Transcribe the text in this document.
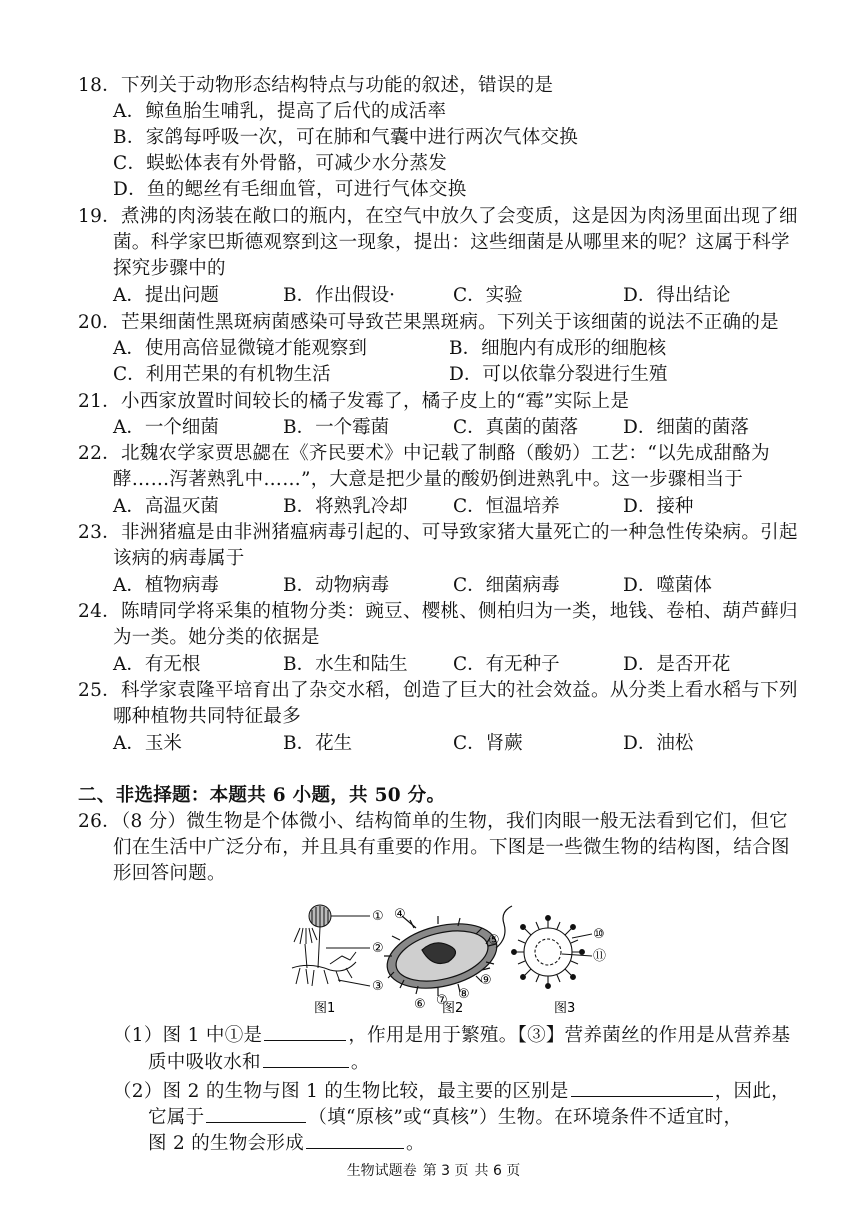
18．下列关于动物形态结构特点与功能的叙述，错误的是
A．鲸鱼胎生哺乳，提高了后代的成活率
B．家鸽每呼吸一次，可在肺和气囊中进行两次气体交换
C．蜈蚣体表有外骨骼，可减少水分蒸发
D．鱼的鳃丝有毛细血管，可进行气体交换
19．煮沸的肉汤装在敞口的瓶内，在空气中放久了会变质，这是因为肉汤里面出现了细
菌。科学家巴斯德观察到这一现象，提出：这些细菌是从哪里来的呢？这属于科学
探究步骤中的
A．提出问题	B．作出假设·	C．实验	D．得出结论
20．芒果细菌性黑斑病菌感染可导致芒果黑斑病。下列关于该细菌的说法不正确的是
A．使用高倍显微镜才能观察到	B．细胞内有成形的细胞核
C．利用芒果的有机物生活	D．可以依靠分裂进行生殖
21．小西家放置时间较长的橘子发霉了，橘子皮上的“霉”实际上是
A．一个细菌	B．一个霉菌	C．真菌的菌落	D．细菌的菌落
22．北魏农学家贾思勰在《齐民要术》中记载了制酪（酸奶）工艺：“以先成甜酪为
酵……泻著熟乳中……”，大意是把少量的酸奶倒进熟乳中。这一步骤相当于
A．高温灭菌	B．将熟乳冷却	C．恒温培养	D．接种
23．非洲猪瘟是由非洲猪瘟病毒引起的、可导致家猪大量死亡的一种急性传染病。引起
该病的病毒属于
A．植物病毒	B．动物病毒	C．细菌病毒	D．噬菌体
24．陈晴同学将采集的植物分类：豌豆、樱桃、侧柏归为一类，地钱、卷柏、葫芦藓归
为一类。她分类的依据是
A．有无根	B．水生和陆生	C．有无种子	D．是否开花
25．科学家袁隆平培育出了杂交水稻，创造了巨大的社会效益。从分类上看水稻与下列
哪种植物共同特征最多
A．玉米	B．花生	C．肾蕨	D．油松
二、非选择题：本题共 6 小题，共 50 分。
26．（8 分）微生物是个体微小、结构简单的生物，我们肉眼一般无法看到它们，但它
们在生活中广泛分布，并且具有重要的作用。下图是一些微生物的结构图，结合图
形回答问题。
①
②
③
④
⑤
⑥ ⑦ ⑧
⑨
⑩
⑪
图1	图2	图3
（1）图 1 中①是	，作用是用于繁殖。【③】营养菌丝的作用是从营养基
质中吸收水和	。
（2）图 2 的生物与图 1 的生物比较，最主要的区别是	，因此，
它属于	（填“原核”或“真核”）生物。在环境条件不适宜时，
图 2 的生物会形成	。
生物试题卷 第 3 页 共 6 页
